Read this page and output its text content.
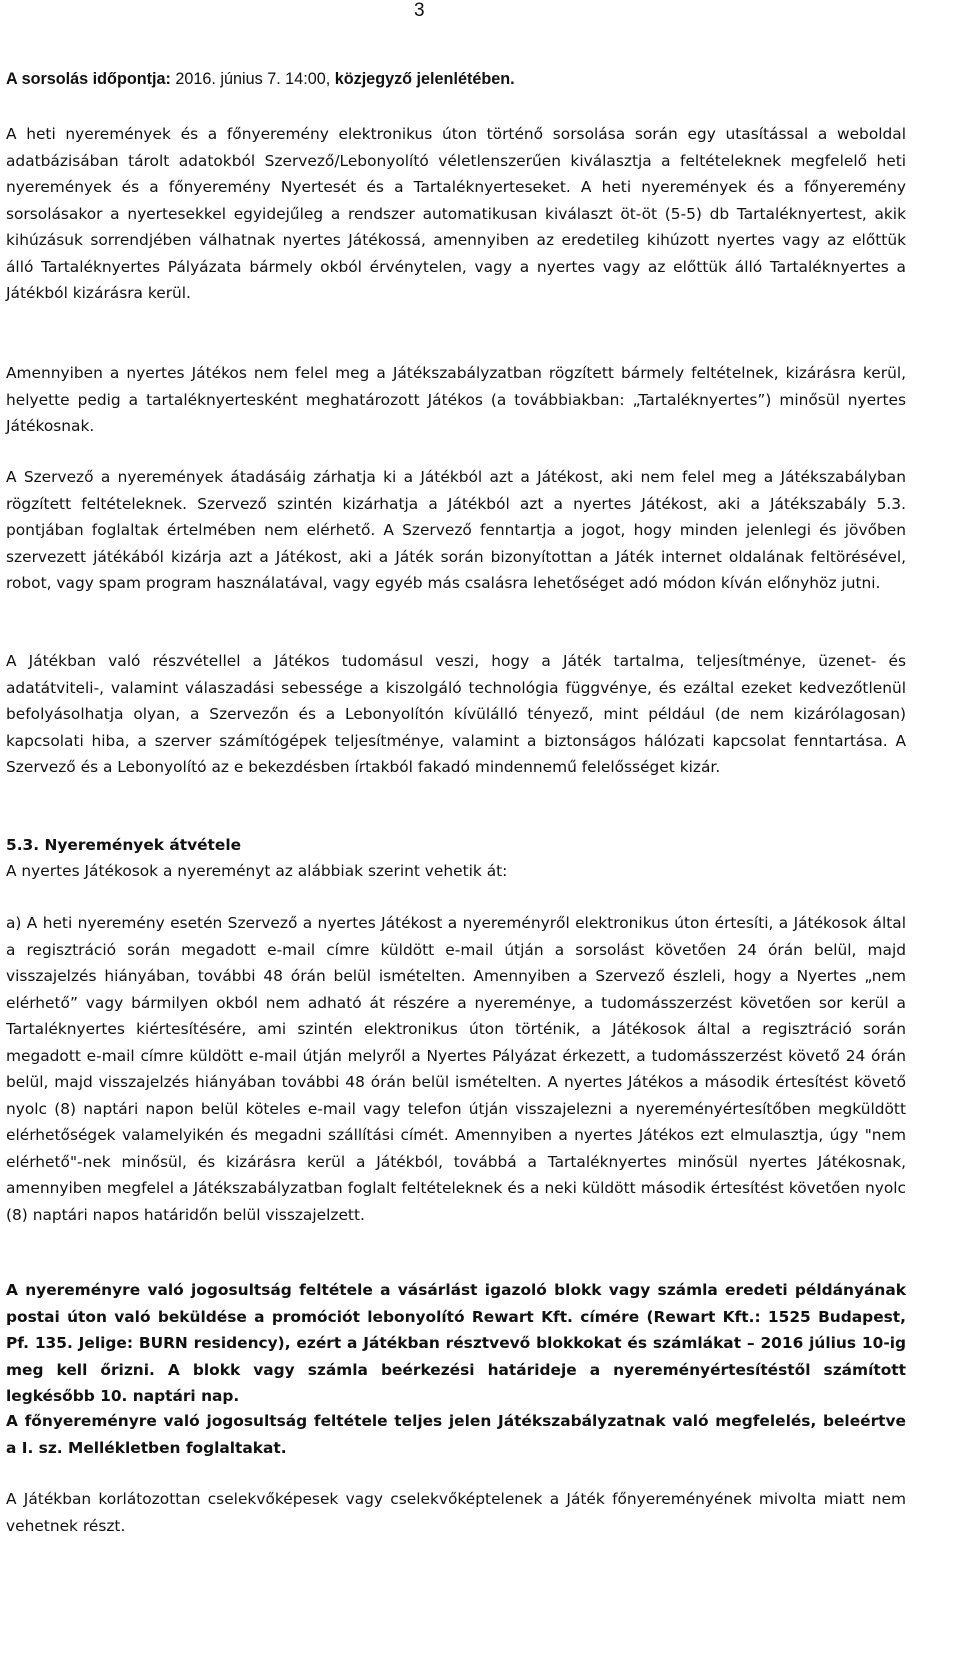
3
A sorsolás időpontja: 2016. június 7. 14:00, közjegyző jelenlétében.
A heti nyeremények és a főnyeremény elektronikus úton történő sorsolása során egy utasítással a weboldal adatbázisában tárolt adatokból Szervező/Lebonyolító véletlenszerűen kiválasztja a feltételeknek megfelelő heti nyeremények és a főnyeremény Nyertesét és a Tartaléknyerteseket. A heti nyeremények és a főnyeremény sorsolásakor a nyertesekkel egyidejűleg a rendszer automatikusan kiválaszt öt-öt (5-5) db Tartaléknyertest, akik kihúzásuk sorrendjében válhatnak nyertes Játékossá, amennyiben az eredetileg kihúzott nyertes vagy az előttük álló Tartaléknyertes Pályázata bármely okból érvénytelen, vagy a nyertes vagy az előttük álló Tartaléknyertes a Játékból kizárásra kerül.
Amennyiben a nyertes Játékos nem felel meg a Játékszabályzatban rögzített bármely feltételnek, kizárásra kerül, helyette pedig a tartaléknyertesként meghatározott Játékos (a továbbiakban: „Tartaléknyertes”) minősül nyertes Játékosnak.
A Szervező a nyeremények átadásáig zárhatja ki a Játékból azt a Játékost, aki nem felel meg a Játékszabályban rögzített feltételeknek. Szervező szintén kizárhatja a Játékból azt a nyertes Játékost, aki a Játékszabály 5.3. pontjában foglaltak értelmében nem elérhető. A Szervező fenntartja a jogot, hogy minden jelenlegi és jövőben szervezett játékából kizárja azt a Játékost, aki a Játék során bizonyítottan a Játék internet oldalának feltörésével, robot, vagy spam program használatával, vagy egyéb más csalásra lehetőséget adó módon kíván előnyhöz jutni.
A Játékban való részvétellel a Játékos tudomásul veszi, hogy a Játék tartalma, teljesítménye, üzenet- és adatátviteli-, valamint válaszadási sebessége a kiszolgáló technológia függvénye, és ezáltal ezeket kedvezőtlenül befolyásolhatja olyan, a Szervezőn és a Lebonyolítón kívülálló tényező, mint például (de nem kizárólagosan) kapcsolati hiba, a szerver számítógépek teljesítménye, valamint a biztonságos hálózati kapcsolat fenntartása. A Szervező és a Lebonyolító az e bekezdésben írtakból fakadó mindennemű felelősséget kizár.
5.3. Nyeremények átvétele
A nyertes Játékosok a nyereményt az alábbiak szerint vehetik át:
a) A heti nyeremény esetén Szervező a nyertes Játékost a nyereményről elektronikus úton értesíti, a Játékosok által a regisztráció során megadott e-mail címre küldött e-mail útján a sorsolást követően 24 órán belül, majd visszajelzés hiányában, további 48 órán belül ismételten. Amennyiben a Szervező észleli, hogy a Nyertes „nem elérhető” vagy bármilyen okból nem adható át részére a nyereménye, a tudomásszerzést követően sor kerül a Tartaléknyertes kiértesítésére, ami szintén elektronikus úton történik, a Játékosok által a regisztráció során megadott e-mail címre küldött e-mail útján melyről a Nyertes Pályázat érkezett, a tudomásszerzést követő 24 órán belül, majd visszajelzés hiányában további 48 órán belül ismételten. A nyertes Játékos a második értesítést követő nyolc (8) naptári napon belül köteles e-mail vagy telefon útján visszajelezni a nyereményértesítőben megküldött elérhetőségek valamelyikén és megadni szállítási címét. Amennyiben a nyertes Játékos ezt elmulasztja, úgy "nem elérhető"-nek minősül, és kizárásra kerül a Játékból, továbbá a Tartaléknyertes minősül nyertes Játékosnak, amennyiben megfelel a Játékszabályzatban foglalt feltételeknek és a neki küldött második értesítést követően nyolc (8) naptári napos határidőn belül visszajelzett.
A nyereményre való jogosultság feltétele a vásárlást igazoló blokk vagy számla eredeti példányának postai úton való beküldése a promóciót lebonyolító Rewart Kft. címére (Rewart Kft.: 1525 Budapest, Pf. 135. Jelige: BURN residency), ezért a Játékban résztvevő blokkokat és számlákat – 2016 július 10-ig meg kell őrizni. A blokk vagy számla beérkezési határideje a nyereményértesítéstől számított legkésőbb 10. naptári nap.
A főnyereményre való jogosultság feltétele teljes jelen Játékszabályzatnak való megfelelés, beleértve a I. sz. Mellékletben foglaltakat.
A Játékban korlátozottan cselekvőképesek vagy cselekvőképtelenek a Játék főnyereményének mivolta miatt nem vehetnek részt.
